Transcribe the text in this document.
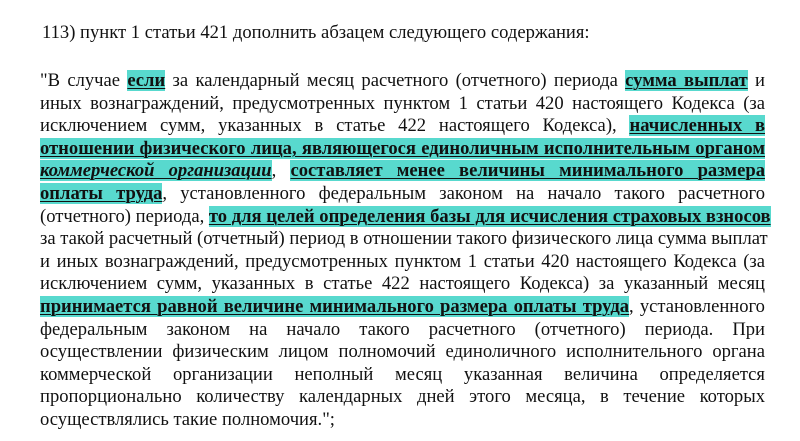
113) пункт 1 статьи 421 дополнить абзацем следующего содержания:

"В случае если за календарный месяц расчетного (отчетного) периода сумма выплат и
иных вознаграждений, предусмотренных пунктом 1 статьи 420 настоящего Кодекса (за
исключением сумм, указанных в статье 422 настоящего Кодекса), начисленных в
отношении физического лица, являющегося единоличным исполнительным органом
коммерческой организации, составляет менее величины минимального размера
оплаты труда, установленного федеральным законом на начало такого расчетного
(отчетного) периода, то для целей определения базы для исчисления страховых взносов
за такой расчетный (отчетный) период в отношении такого физического лица сумма выплат
и иных вознаграждений, предусмотренных пунктом 1 статьи 420 настоящего Кодекса (за
исключением сумм, указанных в статье 422 настоящего Кодекса) за указанный месяц
принимается равной величине минимального размера оплаты труда, установленного
федеральным законом на начало такого расчетного (отчетного) периода. При
осуществлении физическим лицом полномочий единоличного исполнительного органа
коммерческой организации неполный месяц указанная величина определяется
пропорционально количеству календарных дней этого месяца, в течение которых
осуществлялись такие полномочия.";
